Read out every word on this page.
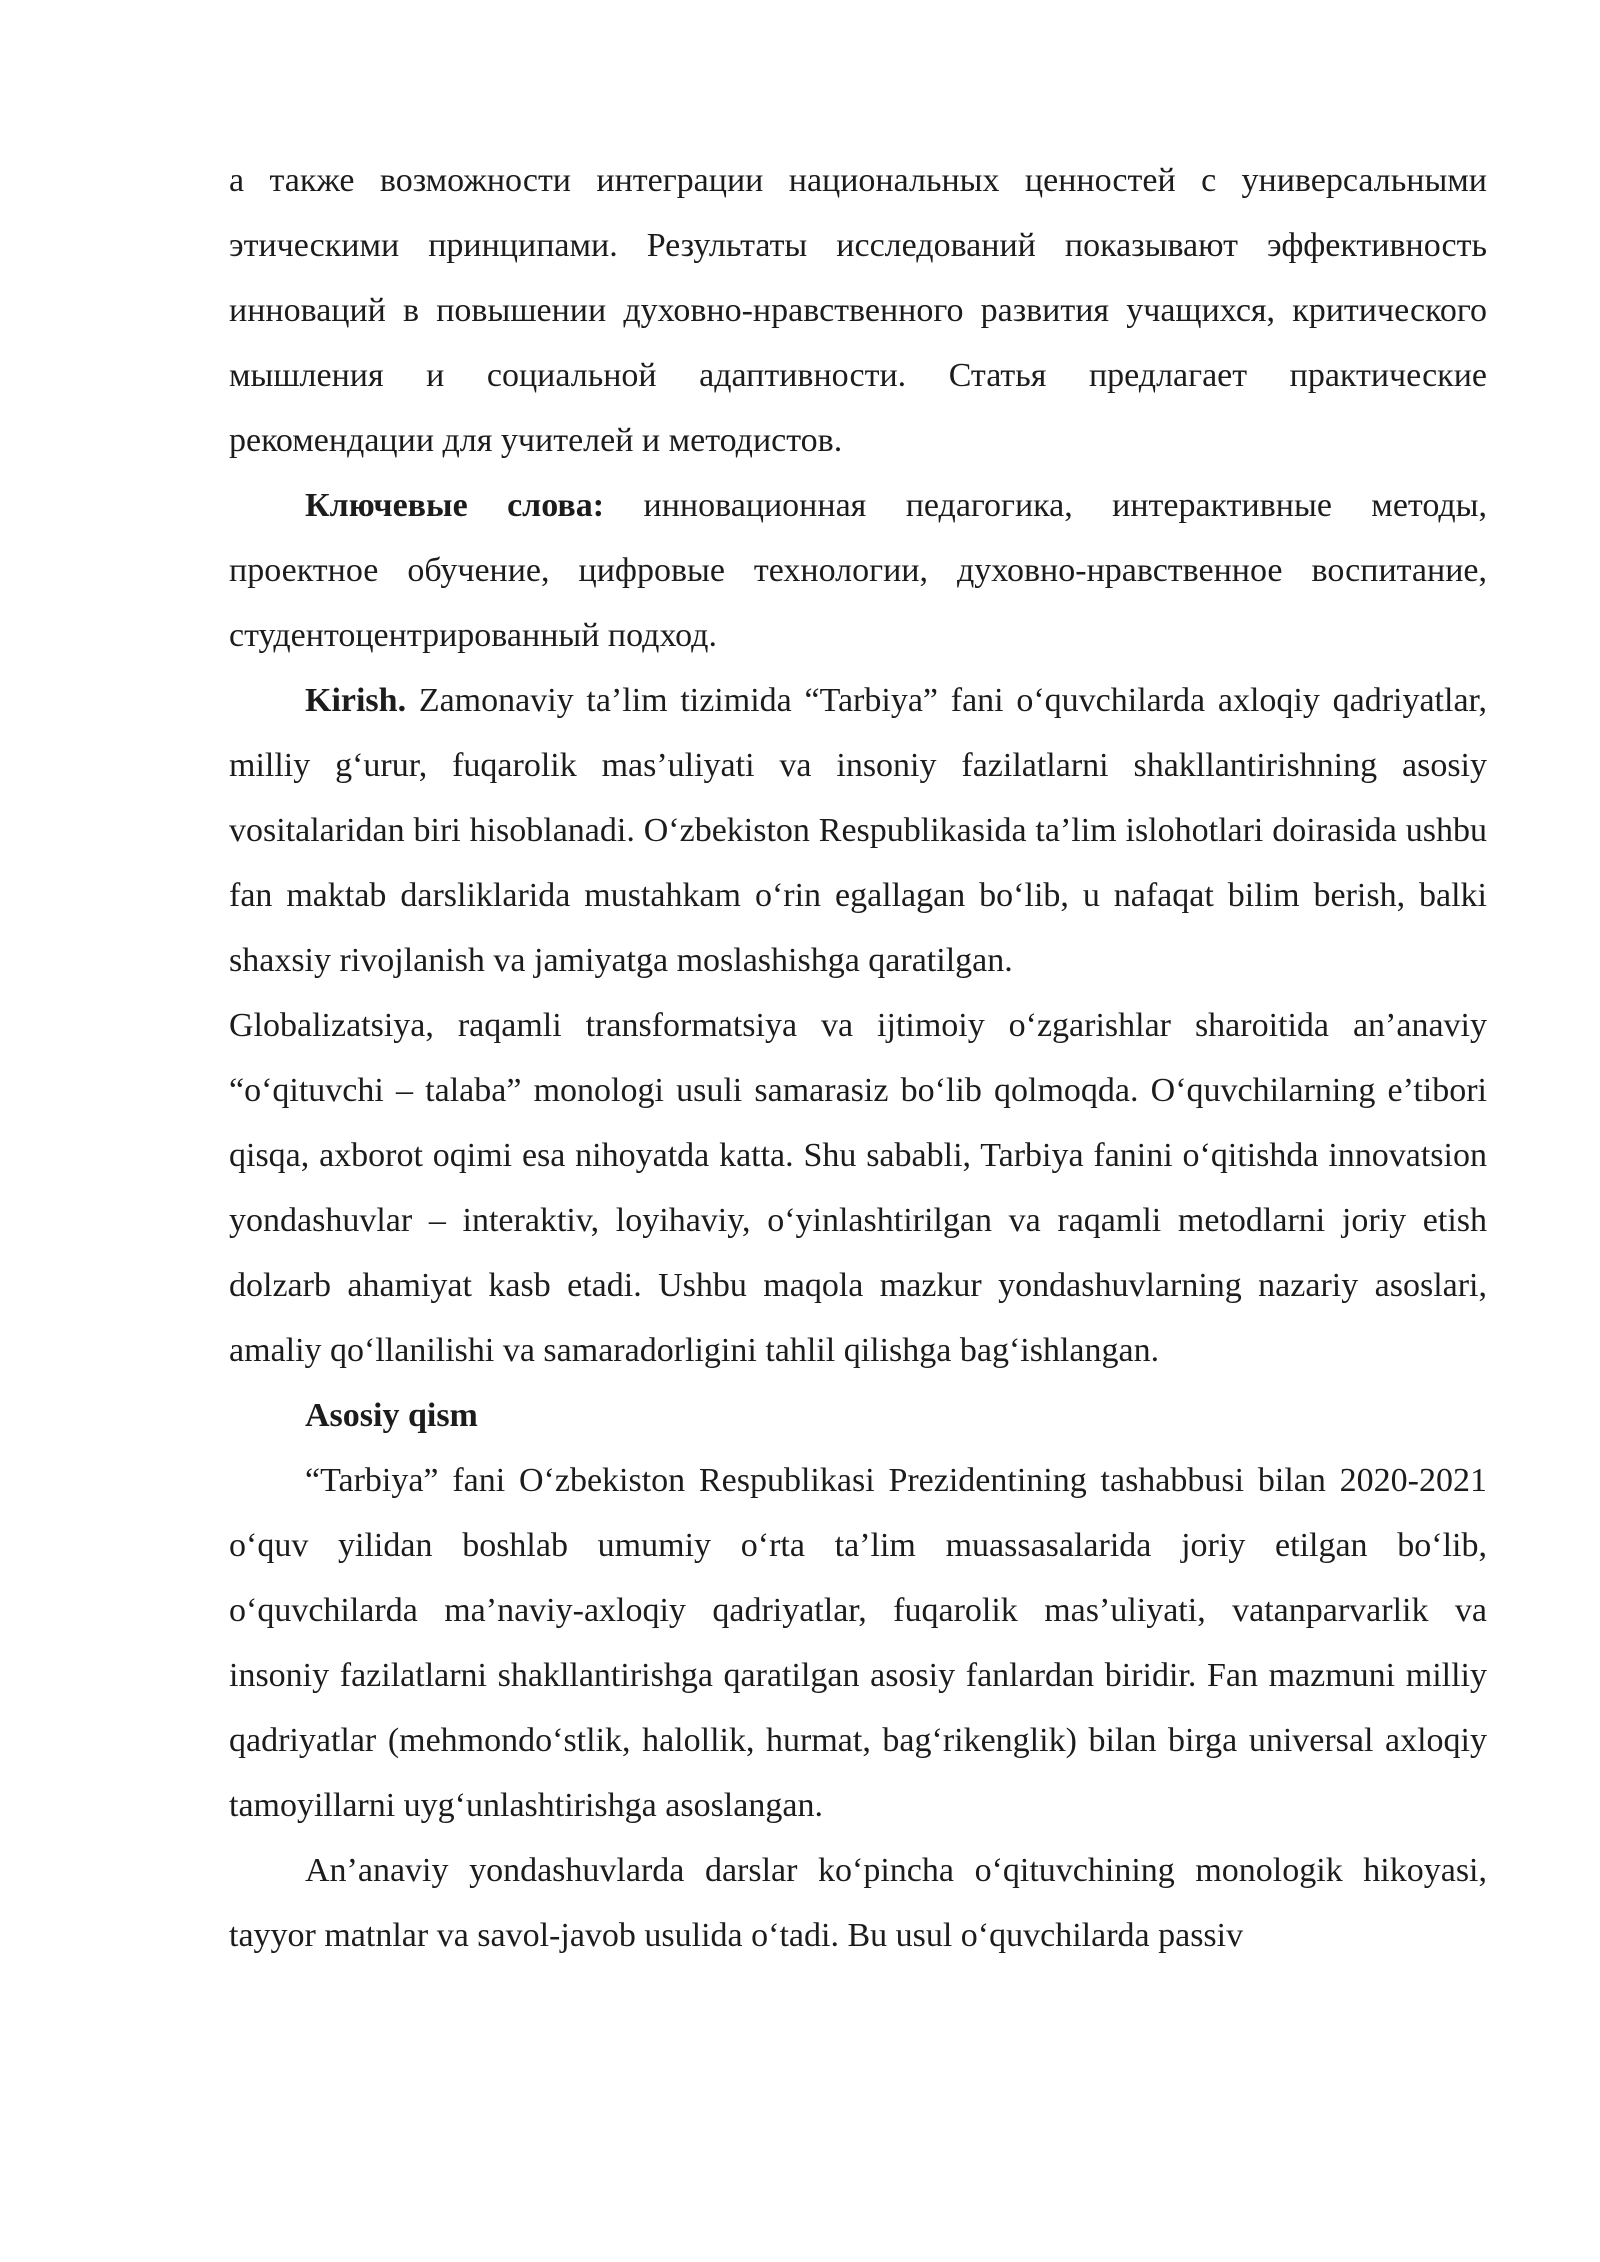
а также возможности интеграции национальных ценностей с универсальными этическими принципами. Результаты исследований показывают эффективность инноваций в повышении духовно-нравственного развития учащихся, критического мышления и социальной адаптивности. Статья предлагает практические рекомендации для учителей и методистов.

Ключевые слова: инновационная педагогика, интерактивные методы, проектное обучение, цифровые технологии, духовно-нравственное воспитание, студентоцентрированный подход.

Kirish. Zamonaviy ta’lim tizimida “Tarbiya” fani o‘quvchilarda axloqiy qadriyatlar, milliy g‘urur, fuqarolik mas’uliyati va insoniy fazilatlarni shakllantirishning asosiy vositalaridan biri hisoblanadi. O‘zbekiston Respublikasida ta’lim islohotlari doirasida ushbu fan maktab darsliklarida mustahkam o‘rin egallagan bo‘lib, u nafaqat bilim berish, balki shaxsiy rivojlanish va jamiyatga moslashishga qaratilgan.

Globalizatsiya, raqamli transformatsiya va ijtimoiy o‘zgarishlar sharoitida an’anaviy “o‘qituvchi – talaba” monologi usuli samarasiz bo‘lib qolmoqda. O‘quvchilarning e’tibori qisqa, axborot oqimi esa nihoyatda katta. Shu sababli, Tarbiya fanini o‘qitishda innovatsion yondashuvlar – interaktiv, loyihaviy, o‘yinlashtirilgan va raqamli metodlarni joriy etish dolzarb ahamiyat kasb etadi. Ushbu maqola mazkur yondashuvlarning nazariy asoslari, amaliy qo‘llanilishi va samaradorligini tahlil qilishga bag‘ishlangan.

Asosiy qism

“Tarbiya” fani O‘zbekiston Respublikasi Prezidentining tashabbusi bilan 2020-2021 o‘quv yilidan boshlab umumiy o‘rta ta’lim muassasalarida joriy etilgan bo‘lib, o‘quvchilarda ma’naviy-axloqiy qadriyatlar, fuqarolik mas’uliyati, vatanparvarlik va insoniy fazilatlarni shakllantirishga qaratilgan asosiy fanlardan biridir. Fan mazmuni milliy qadriyatlar (mehmondo‘stlik, halollik, hurmat, bag‘rikenglik) bilan birga universal axloqiy tamoyillarni uyg‘unlashtirishga asoslangan.

An’anaviy yondashuvlarda darslar ko‘pincha o‘qituvchining monologik hikoyasi, tayyor matnlar va savol-javob usulida o‘tadi. Bu usul o‘quvchilarda passiv
